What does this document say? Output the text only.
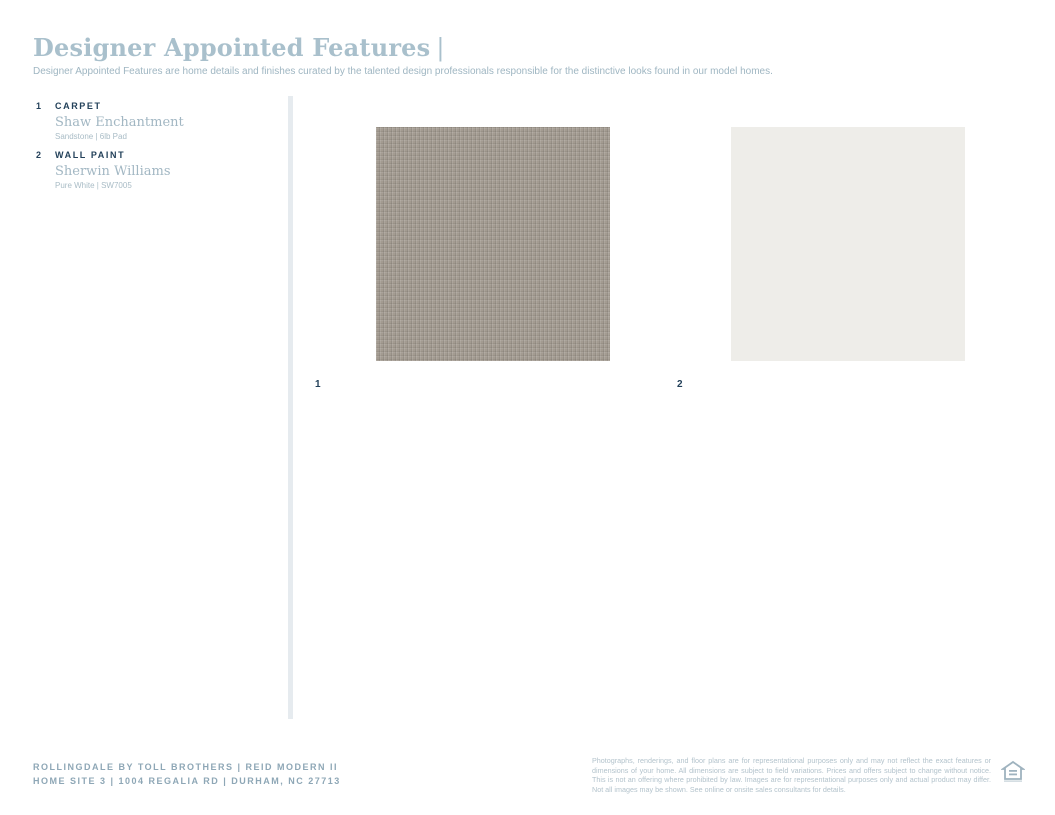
Designer Appointed Features |
Designer Appointed Features are home details and finishes curated by the talented design professionals responsible for the distinctive looks found in our model homes.
1	CARPET
Shaw Enchantment
Sandstone | 6lb Pad
2	WALL PAINT
Sherwin Williams
Pure White | SW7005
1	2
ROLLINGDALE BY TOLL BROTHERS | REID MODERN II
HOME SITE 3 | 1004 REGALIA RD | DURHAM, NC 27713
Photographs, renderings, and floor plans are for representational purposes only and may not reflect the exact features or dimensions of your home. All dimensions are subject to field variations. Prices and offers subject to change without notice. This is not an offering where prohibited by law. Images are for representational purposes only and actual product may differ. Not all images may be shown. See online or onsite sales consultants for details.
